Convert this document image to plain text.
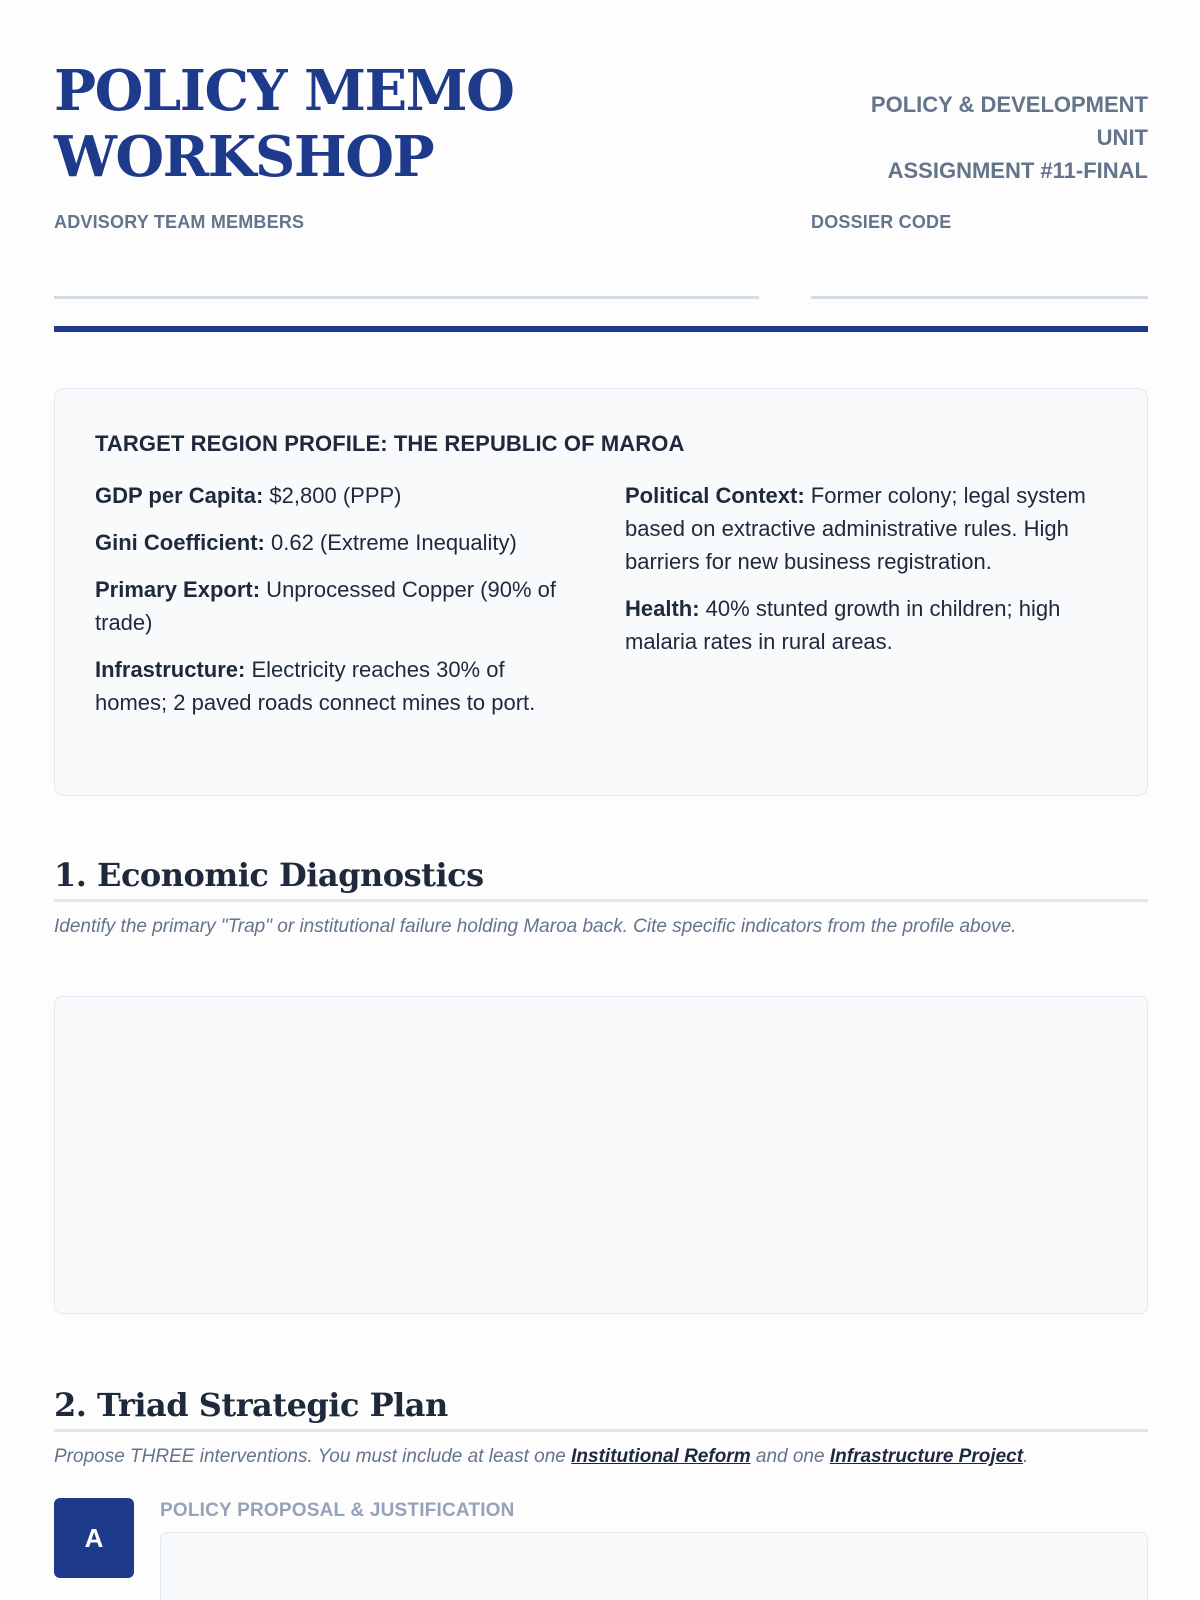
POLICY MEMO
WORKSHOP
POLICY & DEVELOPMENT
UNIT
ASSIGNMENT #11-FINAL
ADVISORY TEAM MEMBERS	DOSSIER CODE
TARGET REGION PROFILE: THE REPUBLIC OF MAROA
GDP per Capita: $2,800 (PPP)
Gini Coefficient: 0.62 (Extreme Inequality)
Primary Export: Unprocessed Copper (90% of trade)
Infrastructure: Electricity reaches 30% of homes; 2 paved roads connect mines to port.
Political Context: Former colony; legal system based on extractive administrative rules. High barriers for new business registration.
Health: 40% stunted growth in children; high malaria rates in rural areas.
1. Economic Diagnostics
Identify the primary "Trap" or institutional failure holding Maroa back. Cite specific indicators from the profile above.
2. Triad Strategic Plan
Propose THREE interventions. You must include at least one Institutional Reform and one Infrastructure Project.
A
POLICY PROPOSAL & JUSTIFICATION
